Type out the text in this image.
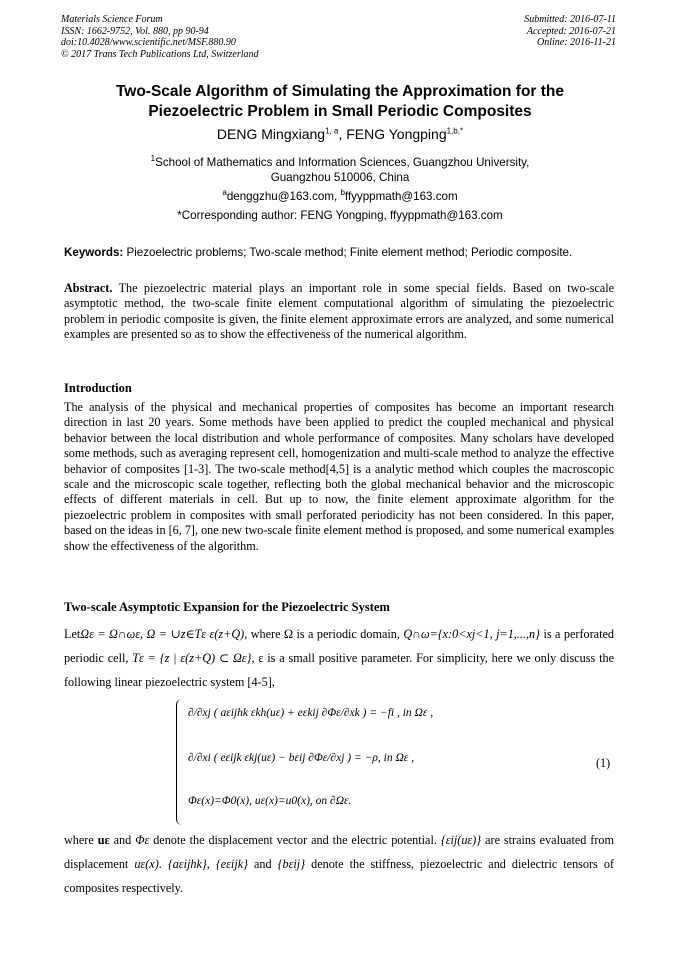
Materials Science Forum
ISSN: 1662-9752, Vol. 880, pp 90-94
doi:10.4028/www.scientific.net/MSF.880.90
© 2017 Trans Tech Publications Ltd, Switzerland
Submitted: 2016-07-11
Accepted: 2016-07-21
Online: 2016-11-21
Two-Scale Algorithm of Simulating the Approximation for the
Piezoelectric Problem in Small Periodic Composites
DENG Mingxiang$^{1, a}$, FENG Yongping$^{1,b,*}$
$^1$School of Mathematics and Information Sciences, Guangzhou University,
Guangzhou 510006, China
$^a$denggzhu@163.com, $^b$ffyyppmath@163.com
*Corresponding author: FENG Yongping, ffyyppmath@163.com
Keywords: Piezoelectric problems; Two-scale method; Finite element method; Periodic composite.
Abstract. The piezoelectric material plays an important role in some special fields. Based on two-scale asymptotic method, the two-scale finite element computational algorithm of simulating the piezoelectric problem in periodic composite is given, the finite element approximate errors are analyzed, and some numerical examples are presented so as to show the effectiveness of the numerical algorithm.
Introduction
The analysis of the physical and mechanical properties of composites has become an important research direction in last 20 years. Some methods have been applied to predict the coupled mechanical and physical behavior between the local distribution and whole performance of composites. Many scholars have developed some methods, such as averaging represent cell, homogenization and multi-scale method to analyze the effective behavior of composites [1-3]. The two-scale method[4,5] is a analytic method which couples the macroscopic scale and the microscopic scale together, reflecting both the global mechanical behavior and the microscopic effects of different materials in cell. But up to now, the finite element approximate algorithm for the piezoelectric problem in composites with small perforated periodicity has not been considered. In this paper, based on the ideas in [6, 7], one new two-scale finite element method is proposed, and some numerical examples show the effectiveness of the algorithm.
Two-scale Asymptotic Expansion for the Piezoelectric System
LetΩε = Ω∩ωε, Ω = ∪z∈Tε ε(z+Q), where Ω is a periodic domain, Q∩ω={x:0<xj<1, j=1,...,n} is a perforated periodic cell, Tε = {z | ε(z+Q) ⊂ Ωε}, ε is a small positive parameter. For simplicity, here we only discuss the following linear piezoelectric system [4-5],
∂/∂xj ( aεijhk εkh(uε) + eεkij ∂Φε/∂xk ) = −fi , in Ωε ,
∂/∂xi ( eεijk εkj(uε) − bεij ∂Φε/∂xj ) = −ρ, in Ωε ,
Φε(x)=Φ0(x), uε(x)=u0(x), on ∂Ωε.
(1)
where uε and Φε denote the displacement vector and the electric potential. {εij(uε)} are strains evaluated from displacement uε(x). {aεijhk}, {eεijk} and {bεij} denote the stiffness, piezoelectric and dielectric tensors of composites respectively.
